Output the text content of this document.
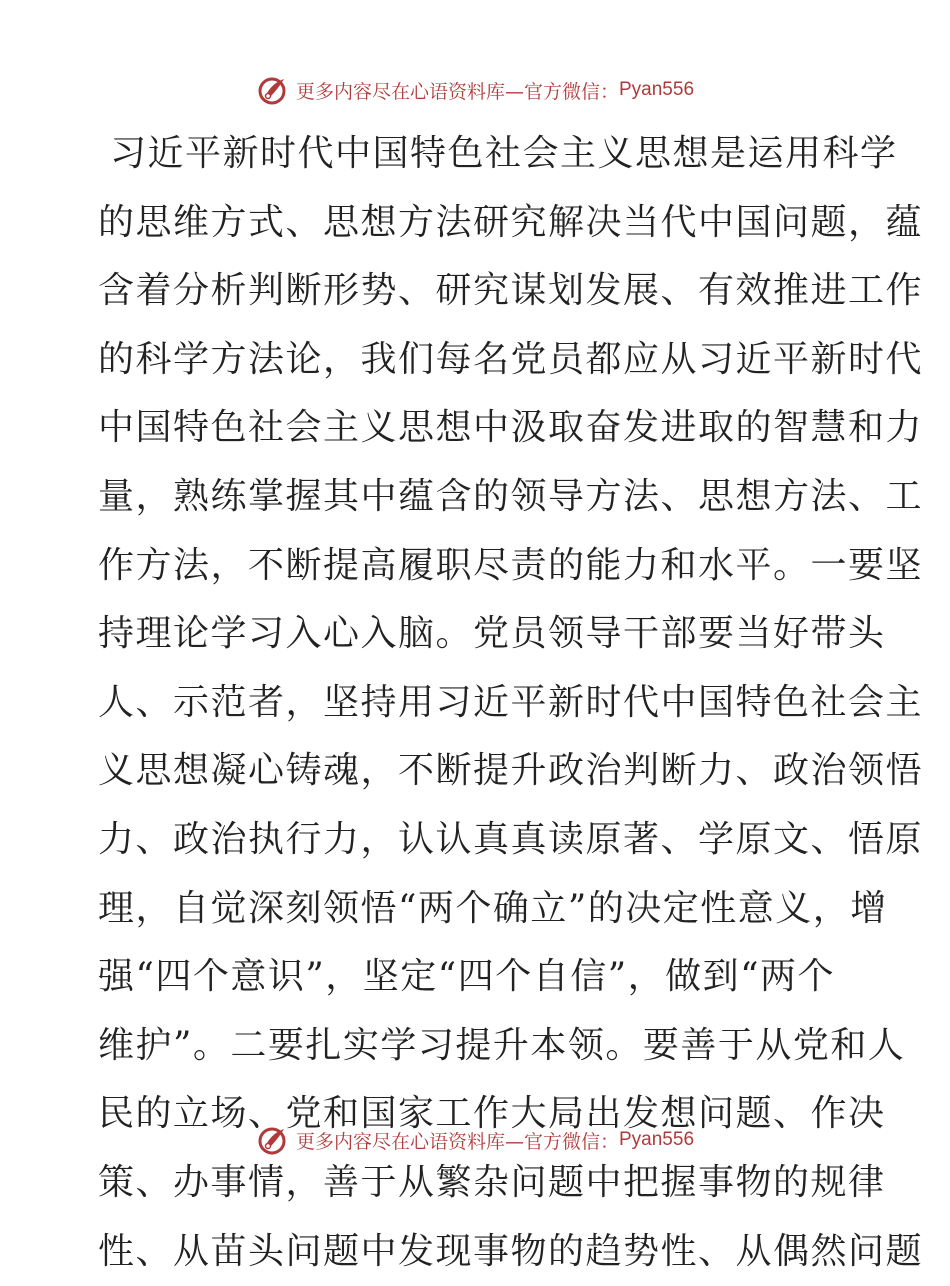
更多内容尽在心语资料库—官方微信： Pyan556
习近平新时代中国特色社会主义思想是运用科学
的思维方式、思想方法研究解决当代中国问题，蕴
含着分析判断形势、研究谋划发展、有效推进工作
的科学方法论，我们每名党员都应从习近平新时代
中国特色社会主义思想中汲取奋发进取的智慧和力
量，熟练掌握其中蕴含的领导方法、思想方法、工
作方法，不断提高履职尽责的能力和水平。一要坚
持理论学习入心入脑。党员领导干部要当好带头
人、示范者，坚持用习近平新时代中国特色社会主
义思想凝心铸魂，不断提升政治判断力、政治领悟
力、政治执行力，认认真真读原著、学原文、悟原
理，自觉深刻领悟“两个确立”的决定性意义，增
强“四个意识”，坚定“四个自信”，做到“两个
维护”。二要扎实学习提升本领。要善于从党和人
民的立场、党和国家工作大局出发想问题、作决
策、办事情，善于从繁杂问题中把握事物的规律
性、从苗头问题中发现事物的趋势性、从偶然问题
更多内容尽在心语资料库—官方微信： Pyan556
